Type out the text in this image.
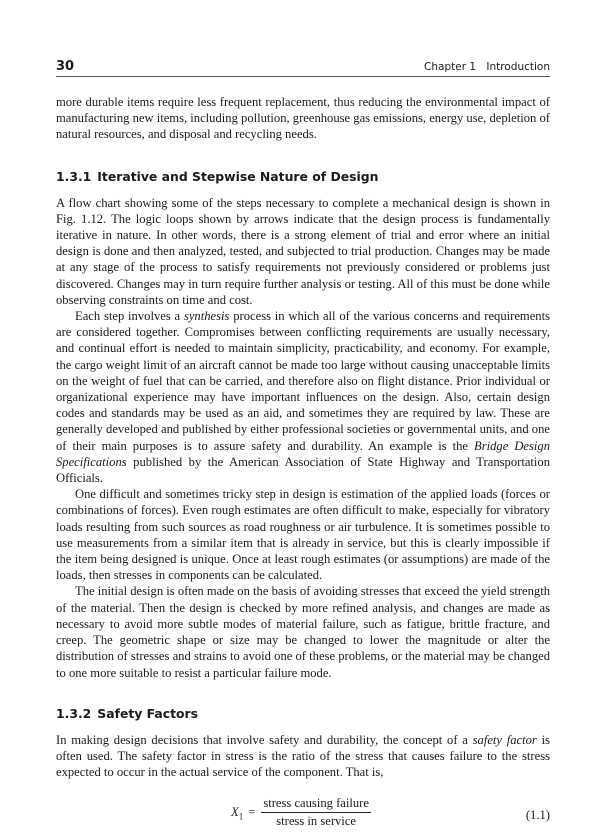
30	Chapter 1 Introduction

more durable items require less frequent replacement, thus reducing the environmental impact of manufacturing new items, including pollution, greenhouse gas emissions, energy use, depletion of natural resources, and disposal and recycling needs.

1.3.1 Iterative and Stepwise Nature of Design

A flow chart showing some of the steps necessary to complete a mechanical design is shown in Fig. 1.12. The logic loops shown by arrows indicate that the design process is fundamentally iterative in nature. In other words, there is a strong element of trial and error where an initial design is done and then analyzed, tested, and subjected to trial production. Changes may be made at any stage of the process to satisfy requirements not previously considered or problems just discovered. Changes may in turn require further analysis or testing. All of this must be done while observing constraints on time and cost.

Each step involves a synthesis process in which all of the various concerns and requirements are considered together. Compromises between conflicting requirements are usually necessary, and continual effort is needed to maintain simplicity, practicability, and economy. For example, the cargo weight limit of an aircraft cannot be made too large without causing unacceptable limits on the weight of fuel that can be carried, and therefore also on flight distance. Prior individual or organizational experience may have important influences on the design. Also, certain design codes and standards may be used as an aid, and sometimes they are required by law. These are generally developed and published by either professional societies or governmental units, and one of their main purposes is to assure safety and durability. An example is the Bridge Design Specifications published by the American Association of State Highway and Transportation Officials.

One difficult and sometimes tricky step in design is estimation of the applied loads (forces or combinations of forces). Even rough estimates are often difficult to make, especially for vibratory loads resulting from such sources as road roughness or air turbulence. It is sometimes possible to use measurements from a similar item that is already in service, but this is clearly impossible if the item being designed is unique. Once at least rough estimates (or assumptions) are made of the loads, then stresses in components can be calculated.

The initial design is often made on the basis of avoiding stresses that exceed the yield strength of the material. Then the design is checked by more refined analysis, and changes are made as necessary to avoid more subtle modes of material failure, such as fatigue, brittle fracture, and creep. The geometric shape or size may be changed to lower the magnitude or alter the distribution of stresses and strains to avoid one of these problems, or the material may be changed to one more suitable to resist a particular failure mode.

1.3.2 Safety Factors

In making design decisions that involve safety and durability, the concept of a safety factor is often used. The safety factor in stress is the ratio of the stress that causes failure to the stress expected to occur in the actual service of the component. That is,

$X_1 = \frac{\text{stress causing failure}}{\text{stress in service}}$	(1.1)
